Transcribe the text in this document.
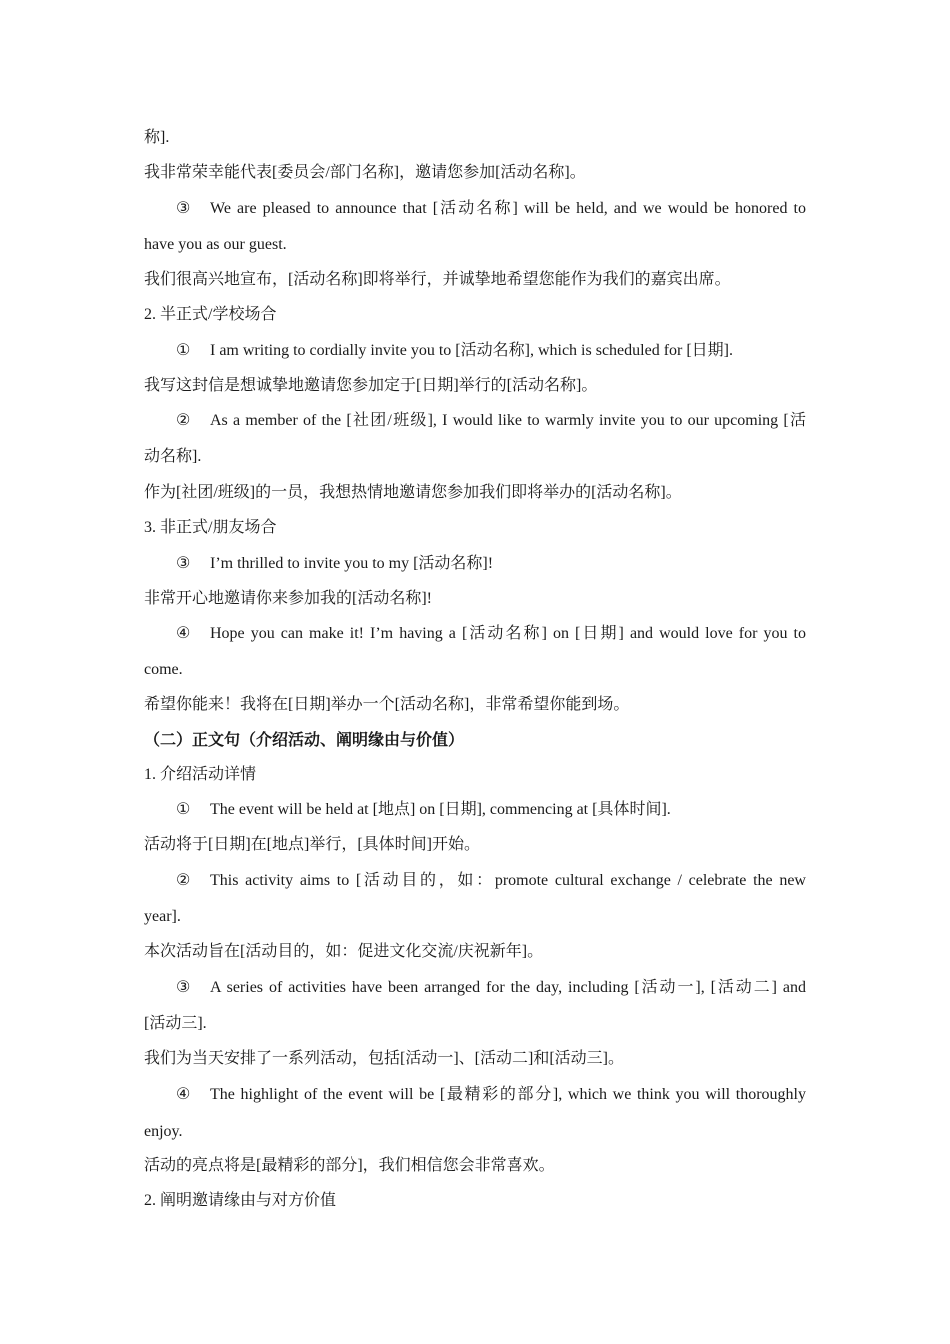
称].
我非常荣幸能代表[委员会/部门名称]，邀请您参加[活动名称]。
③ We are pleased to announce that [活动名称] will be held, and we would be honored to
have you as our guest.
我们很高兴地宣布，[活动名称]即将举行，并诚挚地希望您能作为我们的嘉宾出席。
2. 半正式/学校场合
① I am writing to cordially invite you to [活动名称], which is scheduled for [日期].
我写这封信是想诚挚地邀请您参加定于[日期]举行的[活动名称]。
② As a member of the [社团/班级], I would like to warmly invite you to our upcoming [活
动名称].
作为[社团/班级]的一员，我想热情地邀请您参加我们即将举办的[活动名称]。
3. 非正式/朋友场合
③ I’m thrilled to invite you to my [活动名称]!
非常开心地邀请你来参加我的[活动名称]!
④ Hope you can make it! I’m having a [活动名称] on [日期] and would love for you to
come.
希望你能来！我将在[日期]举办一个[活动名称]，非常希望你能到场。
（二）正文句（介绍活动、阐明缘由与价值）
1. 介绍活动详情
① The event will be held at [地点] on [日期], commencing at [具体时间].
活动将于[日期]在[地点]举行，[具体时间]开始。
② This activity aims to [活动目的，如：promote cultural exchange / celebrate the new
year].
本次活动旨在[活动目的，如：促进文化交流/庆祝新年]。
③ A series of activities have been arranged for the day, including [活动一], [活动二] and
[活动三].
我们为当天安排了一系列活动，包括[活动一]、[活动二]和[活动三]。
④ The highlight of the event will be [最精彩的部分], which we think you will thoroughly
enjoy.
活动的亮点将是[最精彩的部分]，我们相信您会非常喜欢。
2. 阐明邀请缘由与对方价值
